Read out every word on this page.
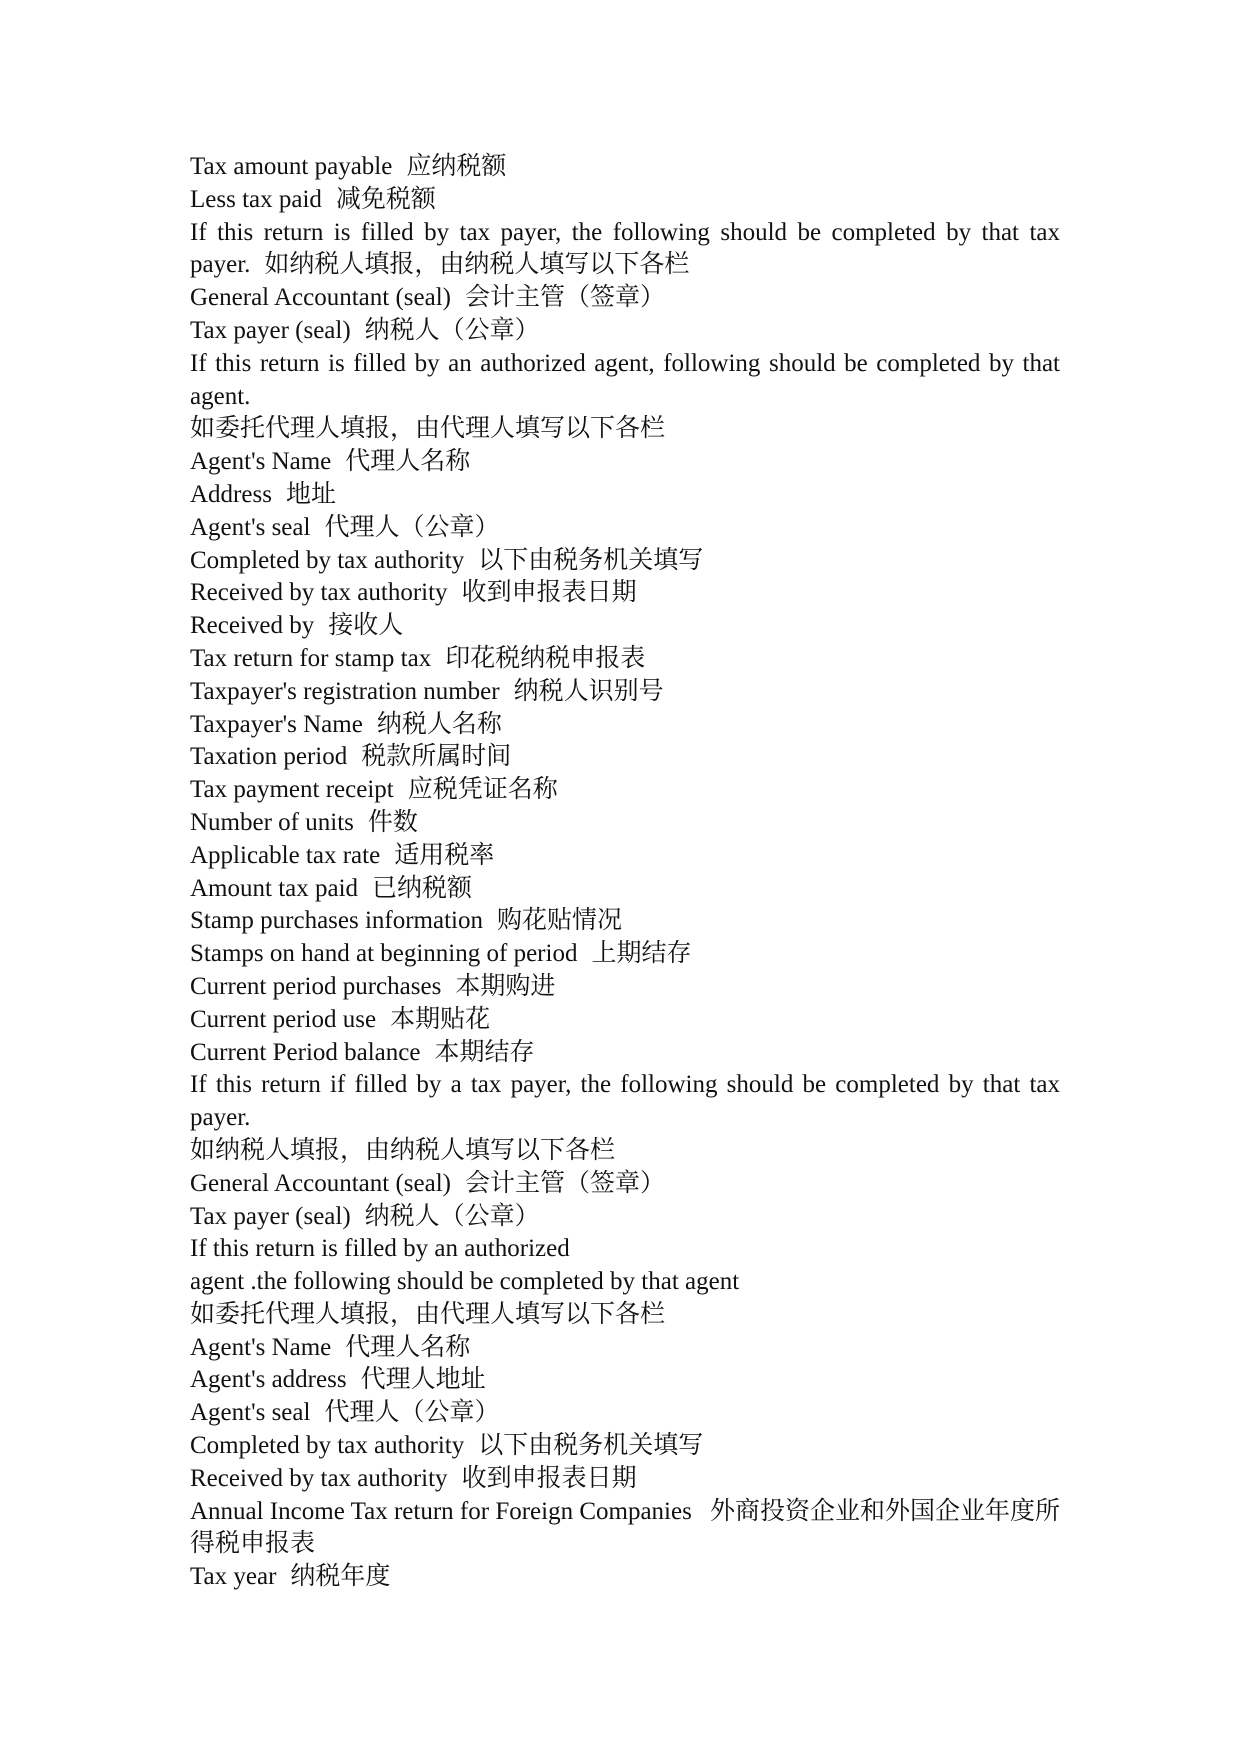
Tax amount payable 应纳税额
Less tax paid 减免税额
If this return is filled by tax payer, the following should be completed by that tax
payer. 如纳税人填报，由纳税人填写以下各栏
General Accountant (seal) 会计主管（签章）
Tax payer (seal) 纳税人（公章）
If this return is filled by an authorized agent, following should be completed by that
agent.
如委托代理人填报，由代理人填写以下各栏
Agent's Name 代理人名称
Address 地址
Agent's seal 代理人（公章）
Completed by tax authority 以下由税务机关填写
Received by tax authority 收到申报表日期
Received by 接收人
Tax return for stamp tax 印花税纳税申报表
Taxpayer's registration number 纳税人识别号
Taxpayer's Name 纳税人名称
Taxation period 税款所属时间
Tax payment receipt 应税凭证名称
Number of units 件数
Applicable tax rate 适用税率
Amount tax paid 已纳税额
Stamp purchases information 购花贴情况
Stamps on hand at beginning of period 上期结存
Current period purchases 本期购进
Current period use 本期贴花
Current Period balance 本期结存
If this return if filled by a tax payer, the following should be completed by that tax
payer.
如纳税人填报，由纳税人填写以下各栏
General Accountant (seal) 会计主管（签章）
Tax payer (seal) 纳税人（公章）
If this return is filled by an authorized
agent .the following should be completed by that agent
如委托代理人填报，由代理人填写以下各栏
Agent's Name 代理人名称
Agent's address 代理人地址
Agent's seal 代理人（公章）
Completed by tax authority 以下由税务机关填写
Received by tax authority 收到申报表日期
Annual Income Tax return for Foreign Companies 外商投资企业和外国企业年度所
得税申报表
Tax year 纳税年度
